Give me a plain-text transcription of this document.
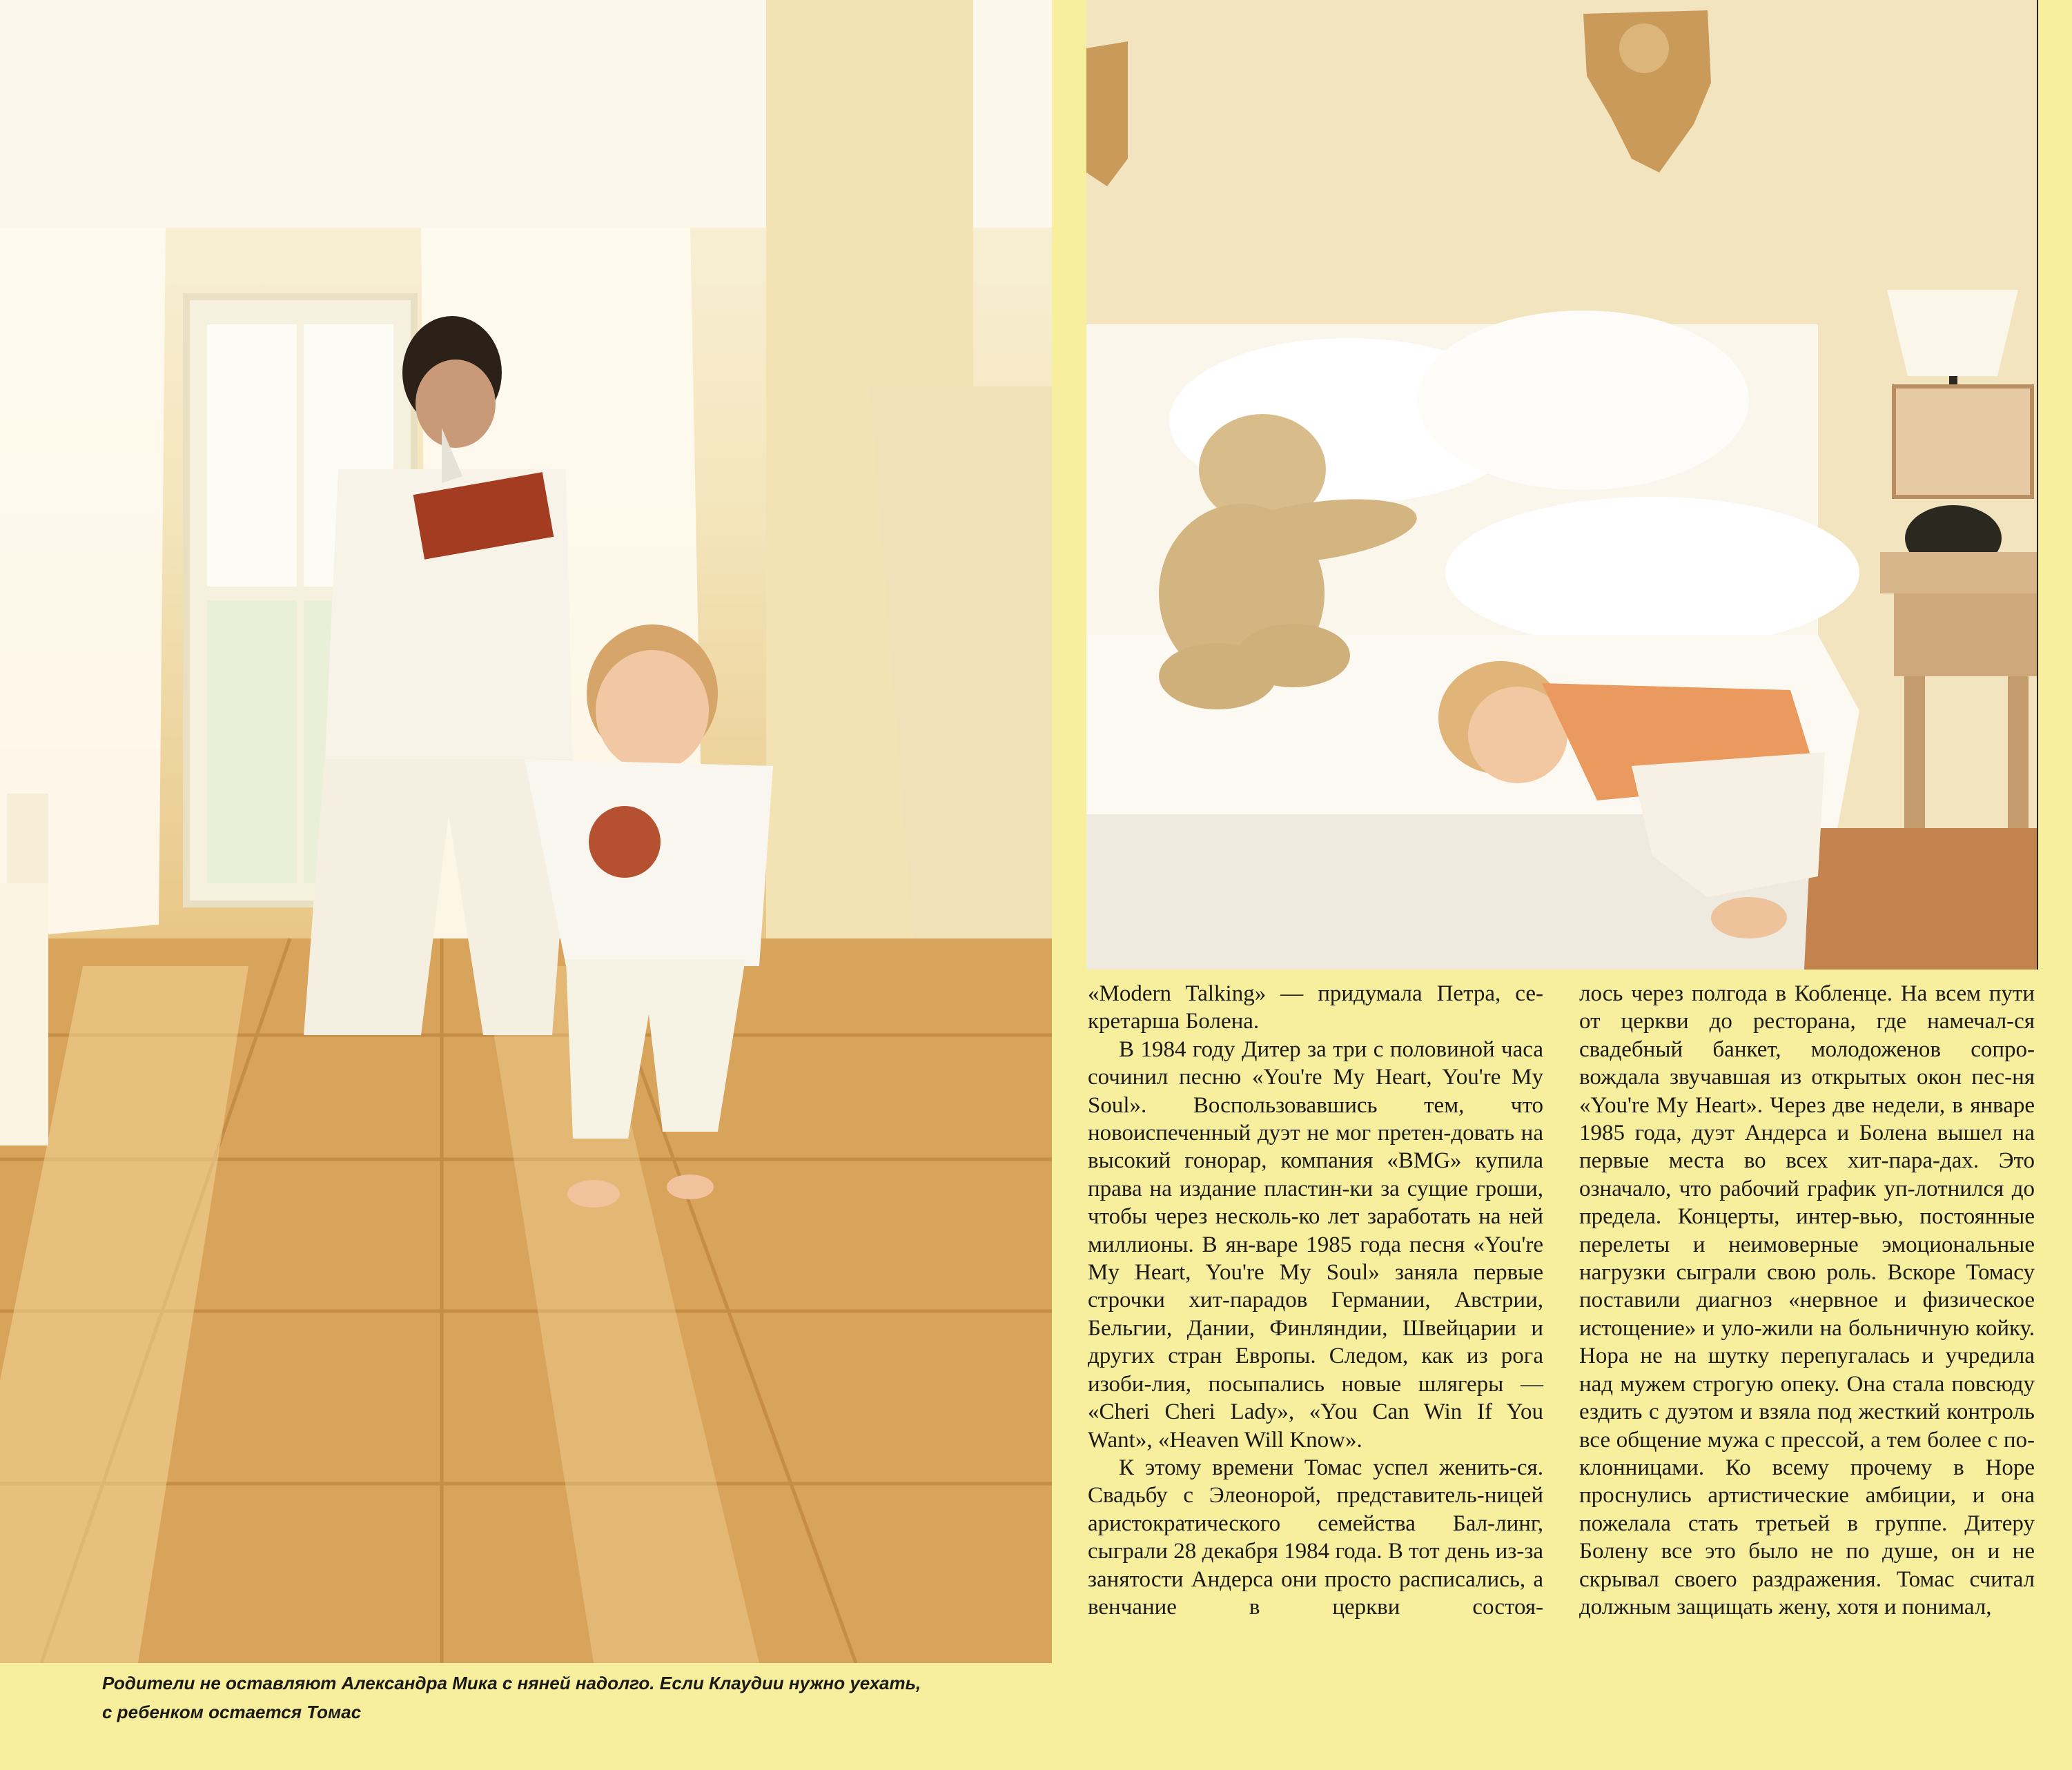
Родители не оставляют Александра Мика с няней надолго. Если Клаудии нужно уехать,
с ребенком остается Томас

«Modern Talking» — придумала Петра, се-кретарша Болена.

В 1984 году Дитер за три с половиной часа сочинил песню «You're My Heart, You're My Soul». Воспользовавшись тем, что новоиспеченный дуэт не мог претен-довать на высокий гонорар, компания «BMG» купила права на издание пластин-ки за сущие гроши, чтобы через несколь-ко лет заработать на ней миллионы. В ян-варе 1985 года песня «You're My Heart, You're My Soul» заняла первые строчки хит-парадов Германии, Австрии, Бельгии, Дании, Финляндии, Швейцарии и других стран Европы. Следом, как из рога изоби-лия, посыпались новые шлягеры — «Cheri Cheri Lady», «You Can Win If You Want», «Heaven Will Know».

К этому времени Томас успел женить-ся. Свадьбу с Элеонорой, представитель-ницей аристократического семейства Бал-линг, сыграли 28 декабря 1984 года. В тот день из-за занятости Андерса они просто расписались, а венчание в церкви состоя-

лось через полгода в Кобленце. На всем пути от церкви до ресторана, где намечал-ся свадебный банкет, молодоженов сопро-вождала звучавшая из открытых окон пес-ня «You're My Heart». Через две недели, в январе 1985 года, дуэт Андерса и Болена вышел на первые места во всех хит-пара-дах. Это означало, что рабочий график уп-лотнился до предела. Концерты, интер-вью, постоянные перелеты и неимоверные эмоциональные нагрузки сыграли свою роль. Вскоре Томасу поставили диагноз «нервное и физическое истощение» и уло-жили на больничную койку. Нора не на шутку перепугалась и учредила над мужем строгую опеку. Она стала повсюду ездить с дуэтом и взяла под жесткий контроль все общение мужа с прессой, а тем более с по-клонницами. Ко всему прочему в Норе проснулись артистические амбиции, и она пожелала стать третьей в группе. Дитеру Болену все это было не по душе, он и не скрывал своего раздражения. Томас считал должным защищать жену, хотя и понимал,
